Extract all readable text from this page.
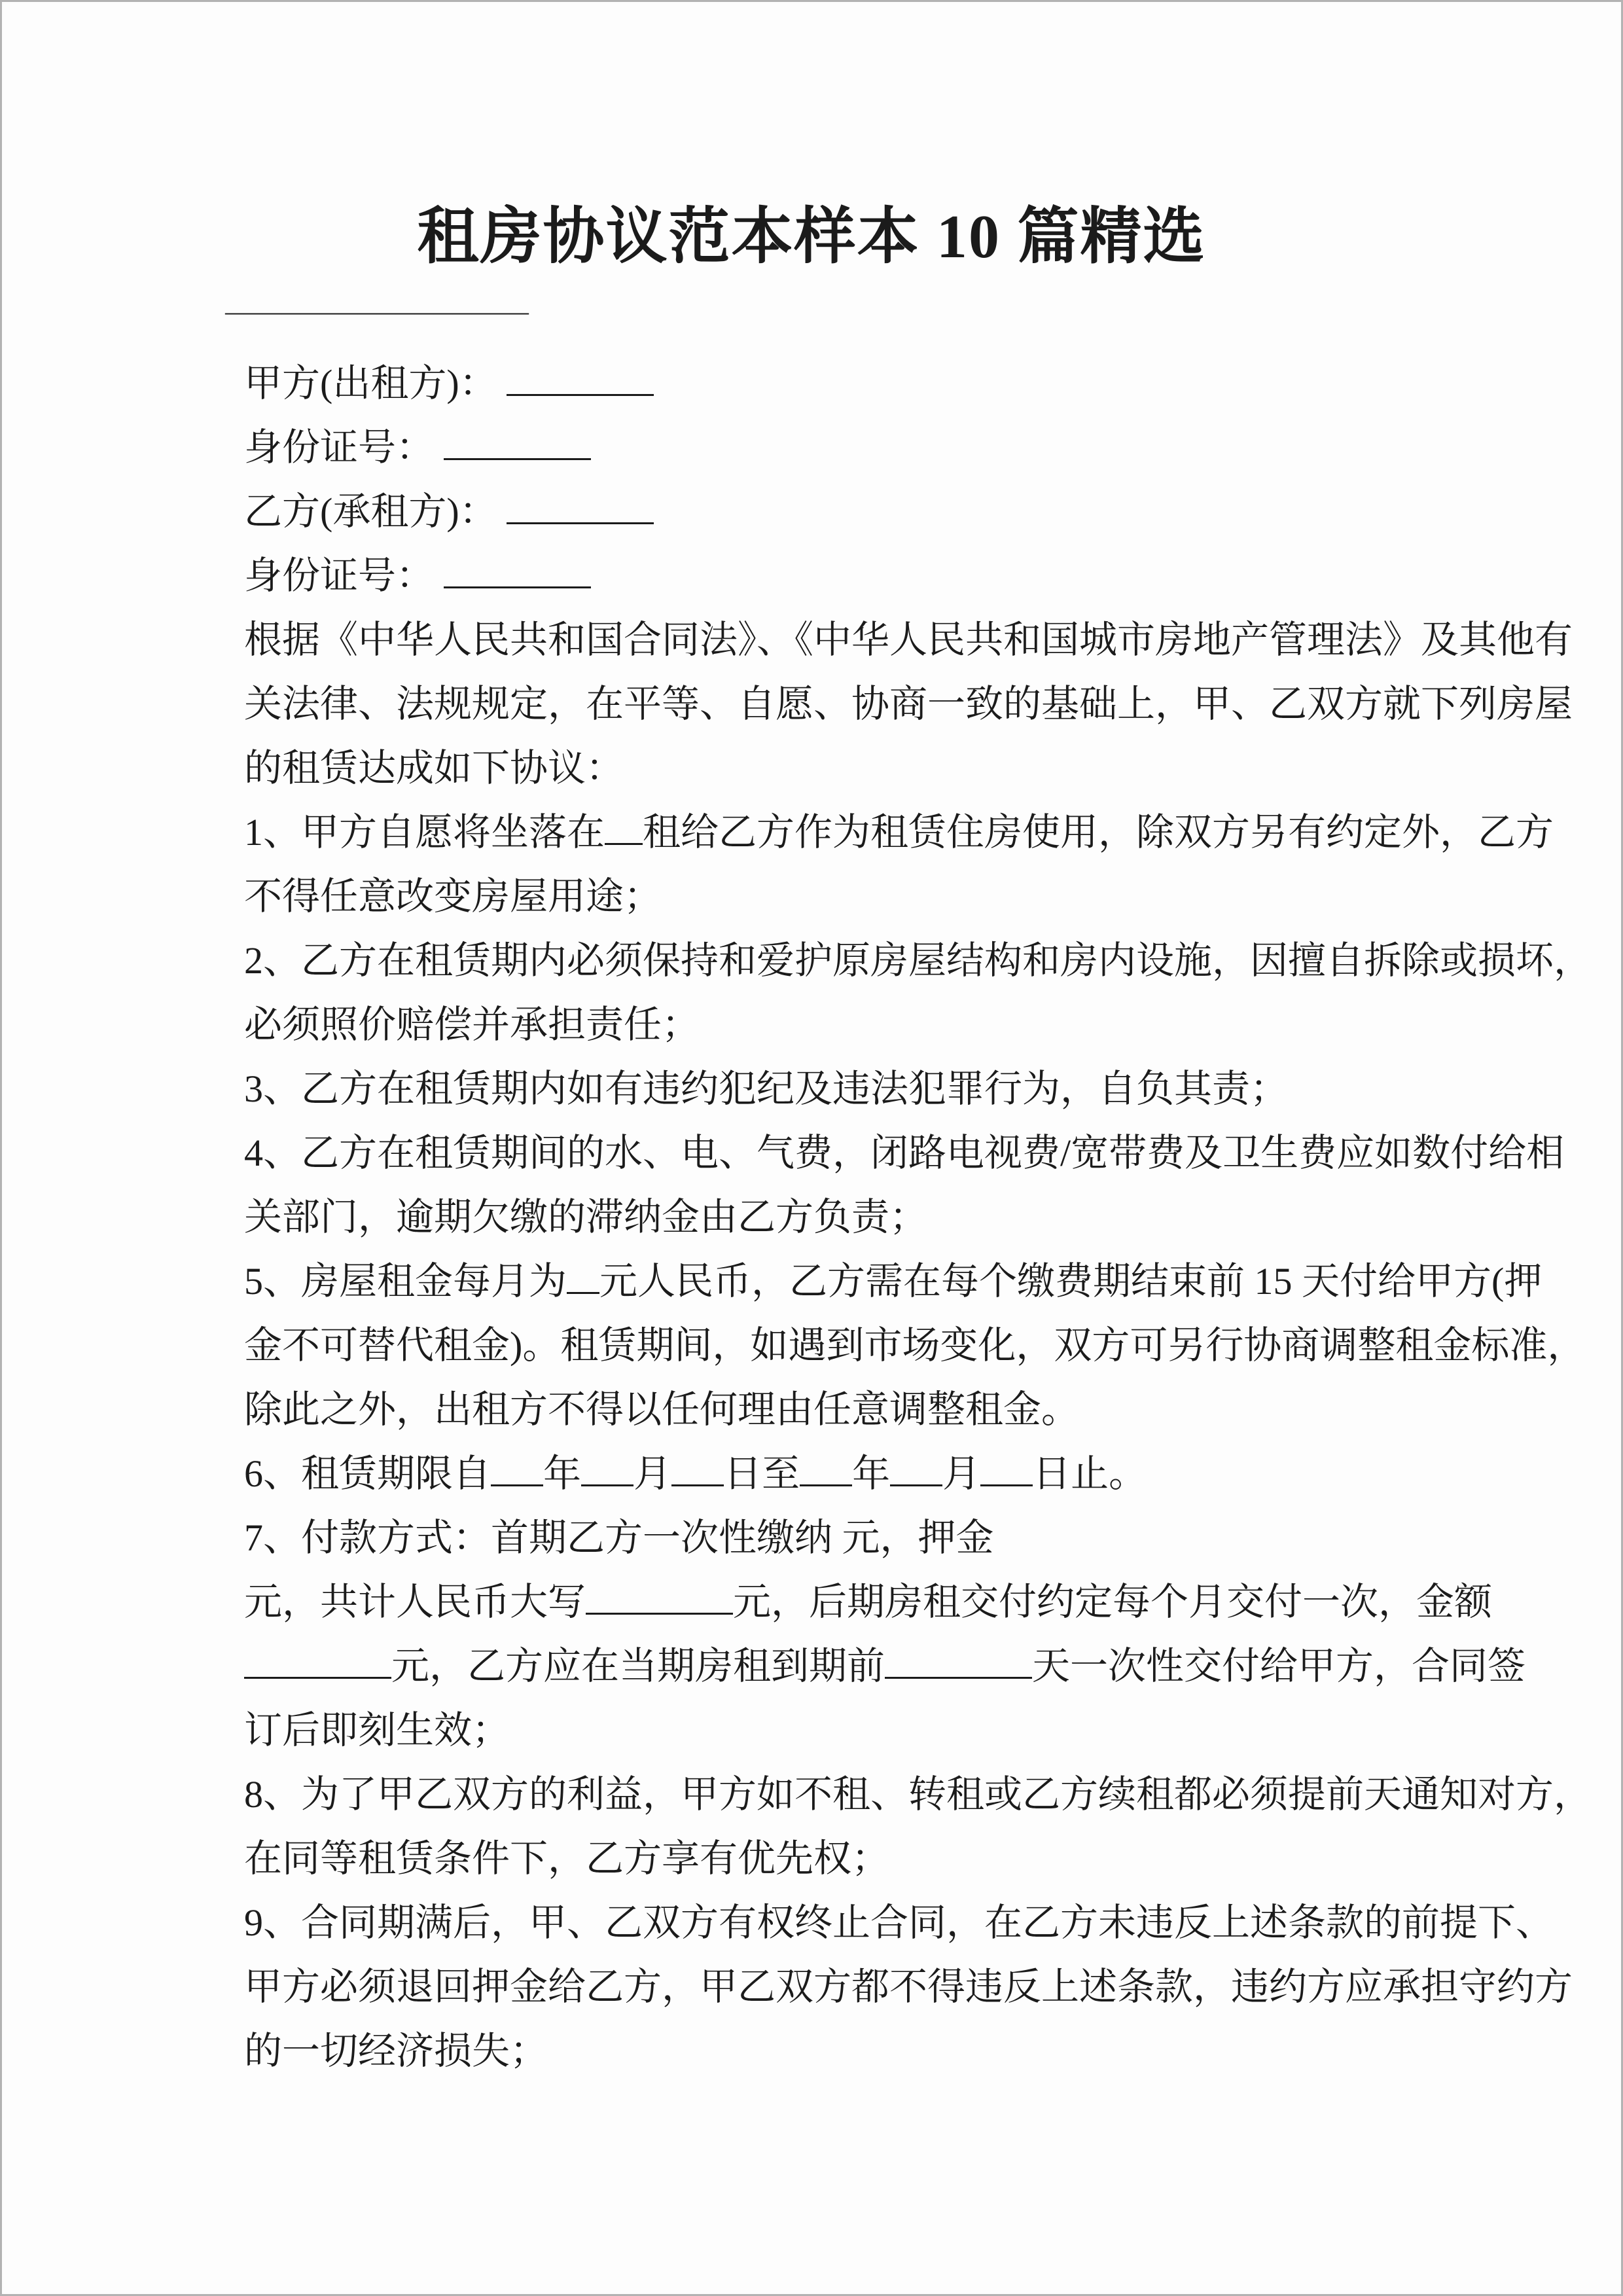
租房协议范本样本 10 篇精选
————————————————
甲方(出租方)：
身份证号：
乙方(承租方)：
身份证号：
根据《中华人民共和国合同法》、《中华人民共和国城市房地产管理法》及其他有
关法律、法规规定，在平等、自愿、协商一致的基础上，甲、乙双方就下列房屋
的租赁达成如下协议：
1、甲方自愿将坐落在 租给乙方作为租赁住房使用，除双方另有约定外，乙方
不得任意改变房屋用途；
2、乙方在租赁期内必须保持和爱护原房屋结构和房内设施，因擅自拆除或损坏，
必须照价赔偿并承担责任；
3、乙方在租赁期内如有违约犯纪及违法犯罪行为，自负其责；
4、乙方在租赁期间的水、电、气费，闭路电视费/宽带费及卫生费应如数付给相
关部门，逾期欠缴的滞纳金由乙方负责；
5、房屋租金每月为 元人民币，乙方需在每个缴费期结束前 15 天付给甲方(押
金不可替代租金)。租赁期间，如遇到市场变化，双方可另行协商调整租金标准，
除此之外，出租方不得以任何理由任意调整租金。
6、租赁期限自 年 月 日至 年 月 日止。
7、付款方式：首期乙方一次性缴纳 元，押金
元，共计人民币大写	元，后期房租交付约定每个月交付一次，金额
元，乙方应在当期房租到期前	天一次性交付给甲方，合同签
订后即刻生效；
8、为了甲乙双方的利益，甲方如不租、转租或乙方续租都必须提前天通知对方，
在同等租赁条件下，乙方享有优先权；
9、合同期满后，甲、乙双方有权终止合同，在乙方未违反上述条款的前提下、
甲方必须退回押金给乙方，甲乙双方都不得违反上述条款，违约方应承担守约方
的一切经济损失；
